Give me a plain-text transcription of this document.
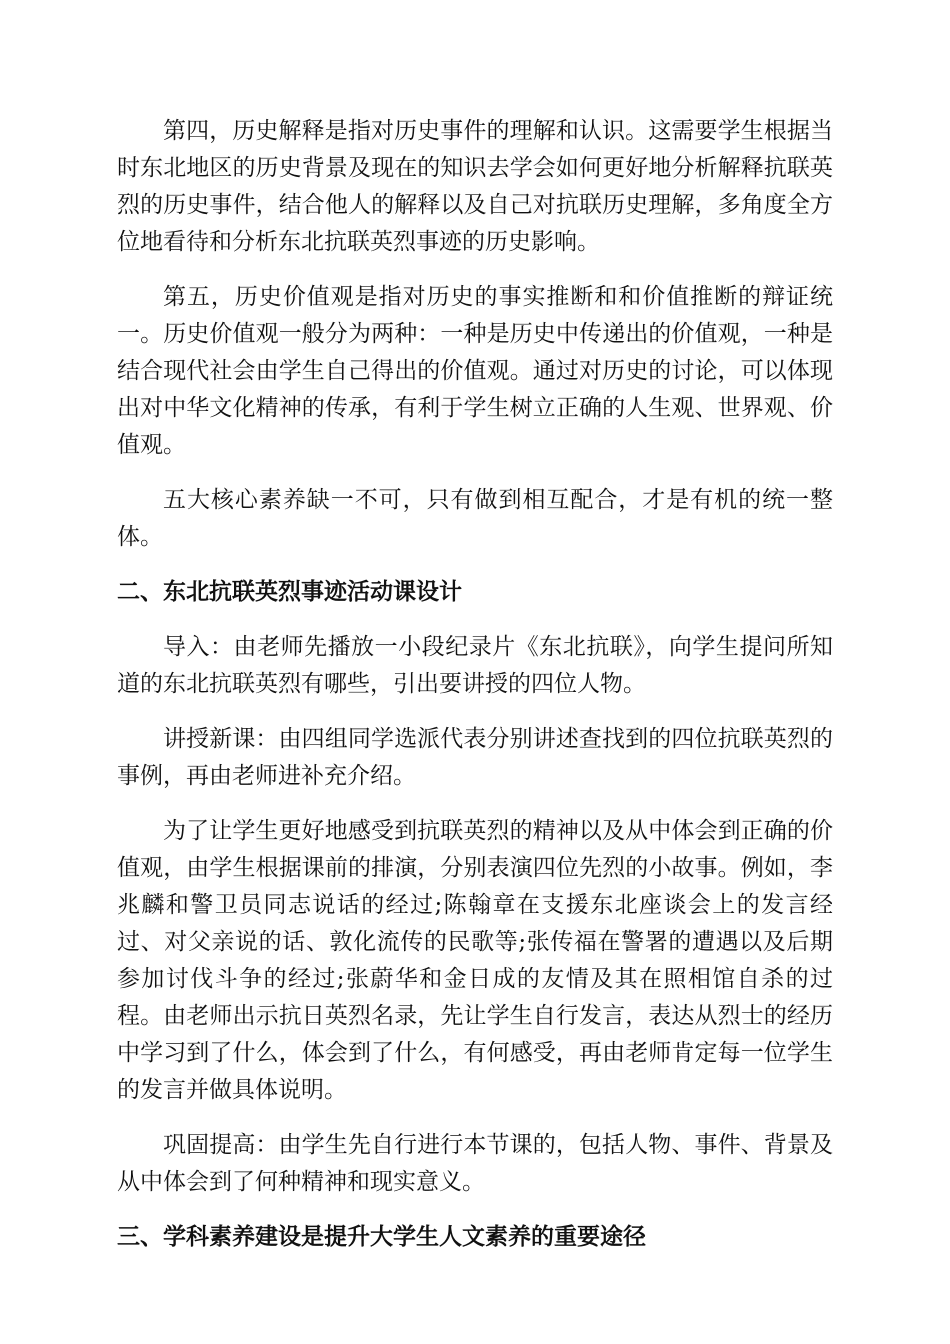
第四，历史解释是指对历史事件的理解和认识。这需要学生根据当时东北地区的历史背景及现在的知识去学会如何更好地分析解释抗联英烈的历史事件，结合他人的解释以及自己对抗联历史理解，多角度全方位地看待和分析东北抗联英烈事迹的历史影响。

第五，历史价值观是指对历史的事实推断和和价值推断的辩证统一。历史价值观一般分为两种：一种是历史中传递出的价值观，一种是结合现代社会由学生自己得出的价值观。通过对历史的讨论，可以体现出对中华文化精神的传承，有利于学生树立正确的人生观、世界观、价值观。

五大核心素养缺一不可，只有做到相互配合，才是有机的统一整体。

二、东北抗联英烈事迹活动课设计

导入：由老师先播放一小段纪录片《东北抗联》，向学生提问所知道的东北抗联英烈有哪些，引出要讲授的四位人物。

讲授新课：由四组同学选派代表分别讲述查找到的四位抗联英烈的事例，再由老师进补充介绍。

为了让学生更好地感受到抗联英烈的精神以及从中体会到正确的价值观，由学生根据课前的排演，分别表演四位先烈的小故事。例如，李兆麟和警卫员同志说话的经过;陈翰章在支援东北座谈会上的发言经过、对父亲说的话、敦化流传的民歌等;张传福在警署的遭遇以及后期参加讨伐斗争的经过;张蔚华和金日成的友情及其在照相馆自杀的过程。由老师出示抗日英烈名录，先让学生自行发言，表达从烈士的经历中学习到了什么，体会到了什么，有何感受，再由老师肯定每一位学生的发言并做具体说明。

巩固提高：由学生先自行进行本节课的，包括人物、事件、背景及从中体会到了何种精神和现实意义。

三、学科素养建设是提升大学生人文素养的重要途径
